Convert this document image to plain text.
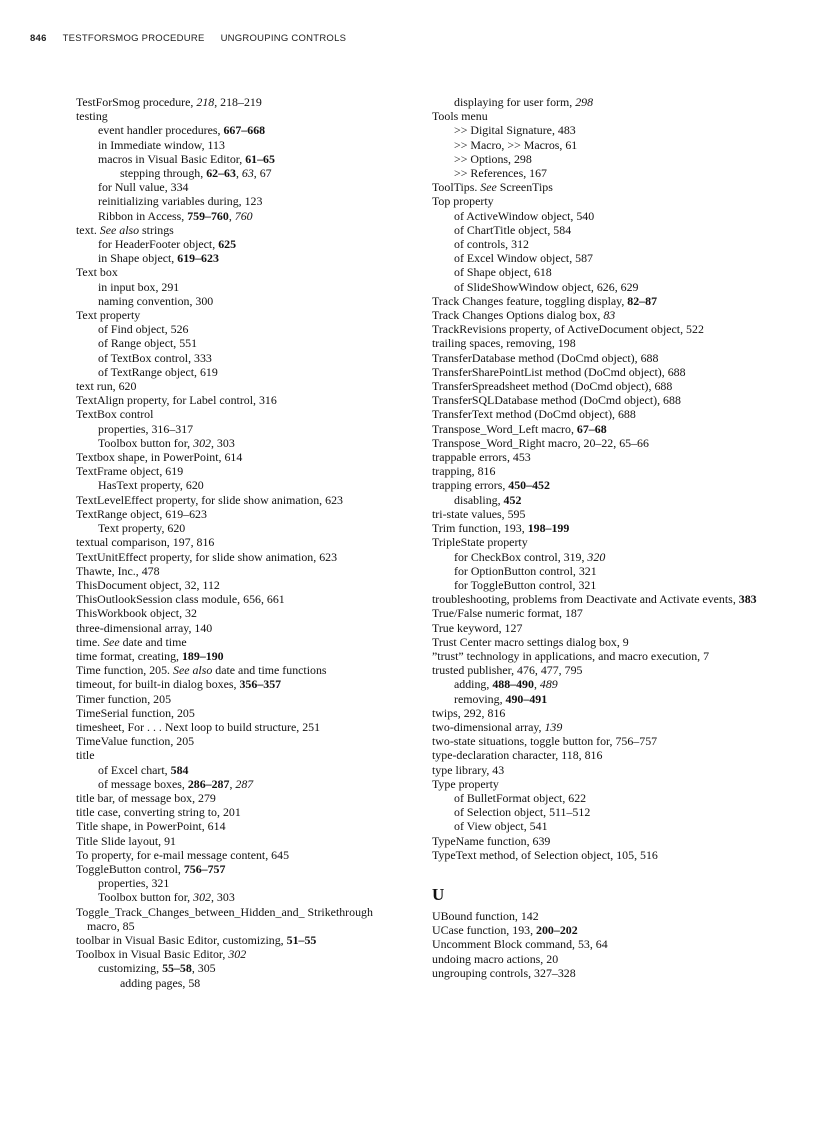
846 TESTFORSMOG PROCEDURE UNGROUPING CONTROLS
TestForSmog procedure, 218, 218–219
testing
event handler procedures, 667–668
in Immediate window, 113
macros in Visual Basic Editor, 61–65
stepping through, 62–63, 63, 67
for Null value, 334
reinitializing variables during, 123
Ribbon in Access, 759–760, 760
text. See also strings
for HeaderFooter object, 625
in Shape object, 619–623
Text box
in input box, 291
naming convention, 300
Text property
of Find object, 526
of Range object, 551
of TextBox control, 333
of TextRange object, 619
text run, 620
TextAlign property, for Label control, 316
TextBox control
properties, 316–317
Toolbox button for, 302, 303
Textbox shape, in PowerPoint, 614
TextFrame object, 619
HasText property, 620
TextLevelEffect property, for slide show animation, 623
TextRange object, 619–623
Text property, 620
textual comparison, 197, 816
TextUnitEffect property, for slide show animation, 623
Thawte, Inc., 478
ThisDocument object, 32, 112
ThisOutlookSession class module, 656, 661
ThisWorkbook object, 32
three-dimensional array, 140
time. See date and time
time format, creating, 189–190
Time function, 205. See also date and time functions
timeout, for built-in dialog boxes, 356–357
Timer function, 205
TimeSerial function, 205
timesheet, For . . . Next loop to build structure, 251
TimeValue function, 205
title
of Excel chart, 584
of message boxes, 286–287, 287
title bar, of message box, 279
title case, converting string to, 201
Title shape, in PowerPoint, 614
Title Slide layout, 91
To property, for e-mail message content, 645
ToggleButton control, 756–757
properties, 321
Toolbox button for, 302, 303
Toggle_Track_Changes_between_Hidden_and_ Strikethrough macro, 85
toolbar in Visual Basic Editor, customizing, 51–55
Toolbox in Visual Basic Editor, 302
customizing, 55–58, 305
adding pages, 58
displaying for user form, 298
Tools menu
>> Digital Signature, 483
>> Macro, >> Macros, 61
>> Options, 298
>> References, 167
ToolTips. See ScreenTips
Top property
of ActiveWindow object, 540
of ChartTitle object, 584
of controls, 312
of Excel Window object, 587
of Shape object, 618
of SlideShowWindow object, 626, 629
Track Changes feature, toggling display, 82–87
Track Changes Options dialog box, 83
TrackRevisions property, of ActiveDocument object, 522
trailing spaces, removing, 198
TransferDatabase method (DoCmd object), 688
TransferSharePointList method (DoCmd object), 688
TransferSpreadsheet method (DoCmd object), 688
TransferSQLDatabase method (DoCmd object), 688
TransferText method (DoCmd object), 688
Transpose_Word_Left macro, 67–68
Transpose_Word_Right macro, 20–22, 65–66
trappable errors, 453
trapping, 816
trapping errors, 450–452
disabling, 452
tri-state values, 595
Trim function, 193, 198–199
TripleState property
for CheckBox control, 319, 320
for OptionButton control, 321
for ToggleButton control, 321
troubleshooting, problems from Deactivate and Activate events, 383
True/False numeric format, 187
True keyword, 127
Trust Center macro settings dialog box, 9
”trust” technology in applications, and macro execution, 7
trusted publisher, 476, 477, 795
adding, 488–490, 489
removing, 490–491
twips, 292, 816
two-dimensional array, 139
two-state situations, toggle button for, 756–757
type-declaration character, 118, 816
type library, 43
Type property
of BulletFormat object, 622
of Selection object, 511–512
of View object, 541
TypeName function, 639
TypeText method, of Selection object, 105, 516
U
UBound function, 142
UCase function, 193, 200–202
Uncomment Block command, 53, 64
undoing macro actions, 20
ungrouping controls, 327–328
